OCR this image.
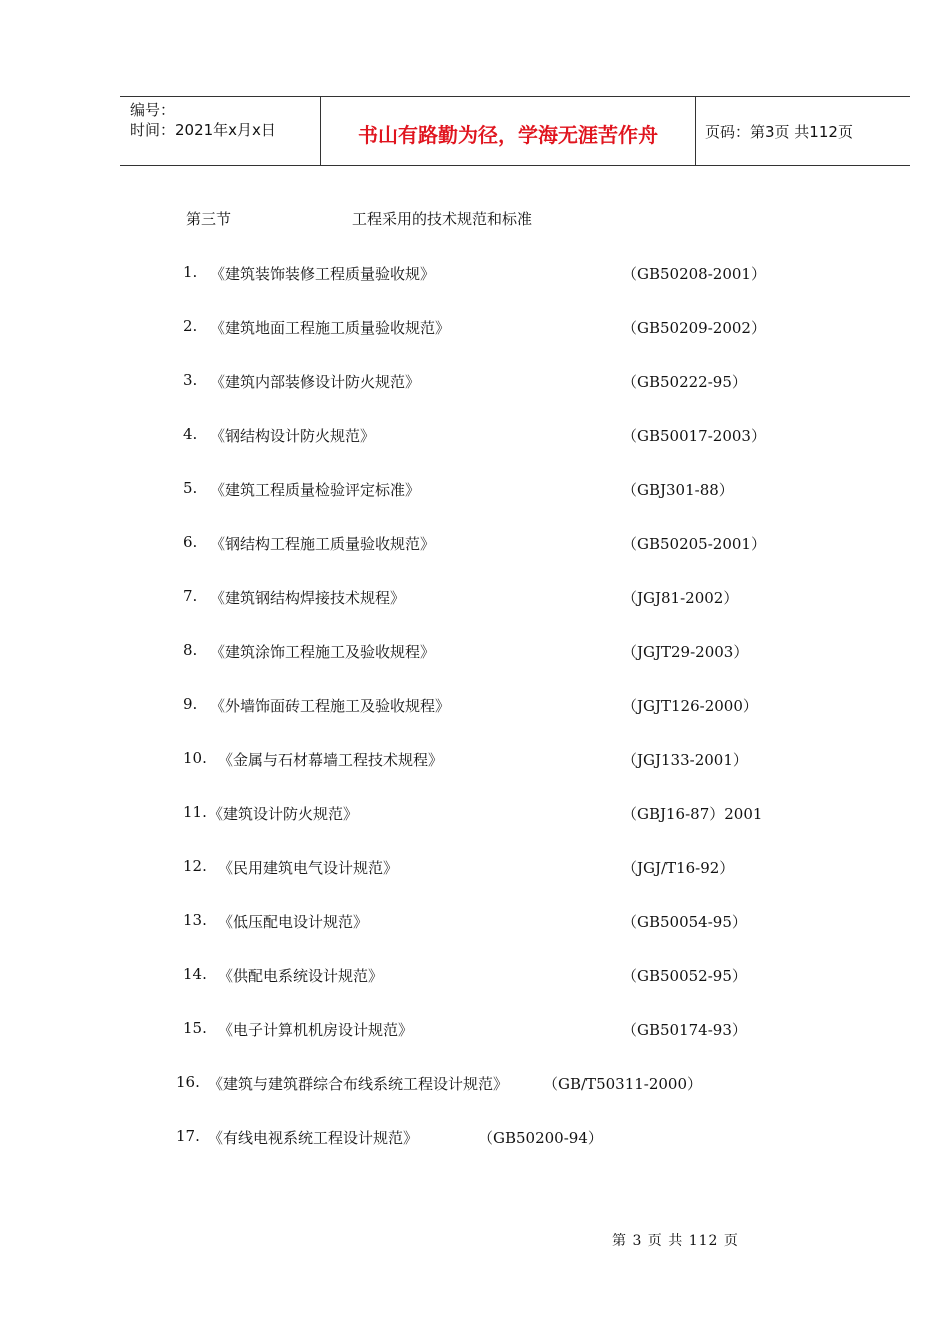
编号：
时间：2021年x月x日	书山有路勤为径，学海无涯苦作舟	页码：第3页 共112页
第三节	工程采用的技术规范和标准
1. 《建筑装饰装修工程质量验收规》	（GB50208-2001）
2. 《建筑地面工程施工质量验收规范》	（GB50209-2002）
3. 《建筑内部装修设计防火规范》	（GB50222-95）
4. 《钢结构设计防火规范》	（GB50017-2003）
5. 《建筑工程质量检验评定标准》	（GBJ301-88）
6. 《钢结构工程施工质量验收规范》	（GB50205-2001）
7. 《建筑钢结构焊接技术规程》	（JGJ81-2002）
8. 《建筑涂饰工程施工及验收规程》	（JGJT29-2003）
9. 《外墙饰面砖工程施工及验收规程》	（JGJT126-2000）
10. 《金属与石材幕墙工程技术规程》	（JGJ133-2001）
11. 《建筑设计防火规范》	（GBJ16-87）2001
12. 《民用建筑电气设计规范》	（JGJ/T16-92）
13. 《低压配电设计规范》	（GB50054-95）
14. 《供配电系统设计规范》	（GB50052-95）
15. 《电子计算机机房设计规范》	（GB50174-93）
16. 《建筑与建筑群综合布线系统工程设计规范》 （GB/T50311-2000）
17. 《有线电视系统工程设计规范》	（GB50200-94）
第 3 页 共 112 页
